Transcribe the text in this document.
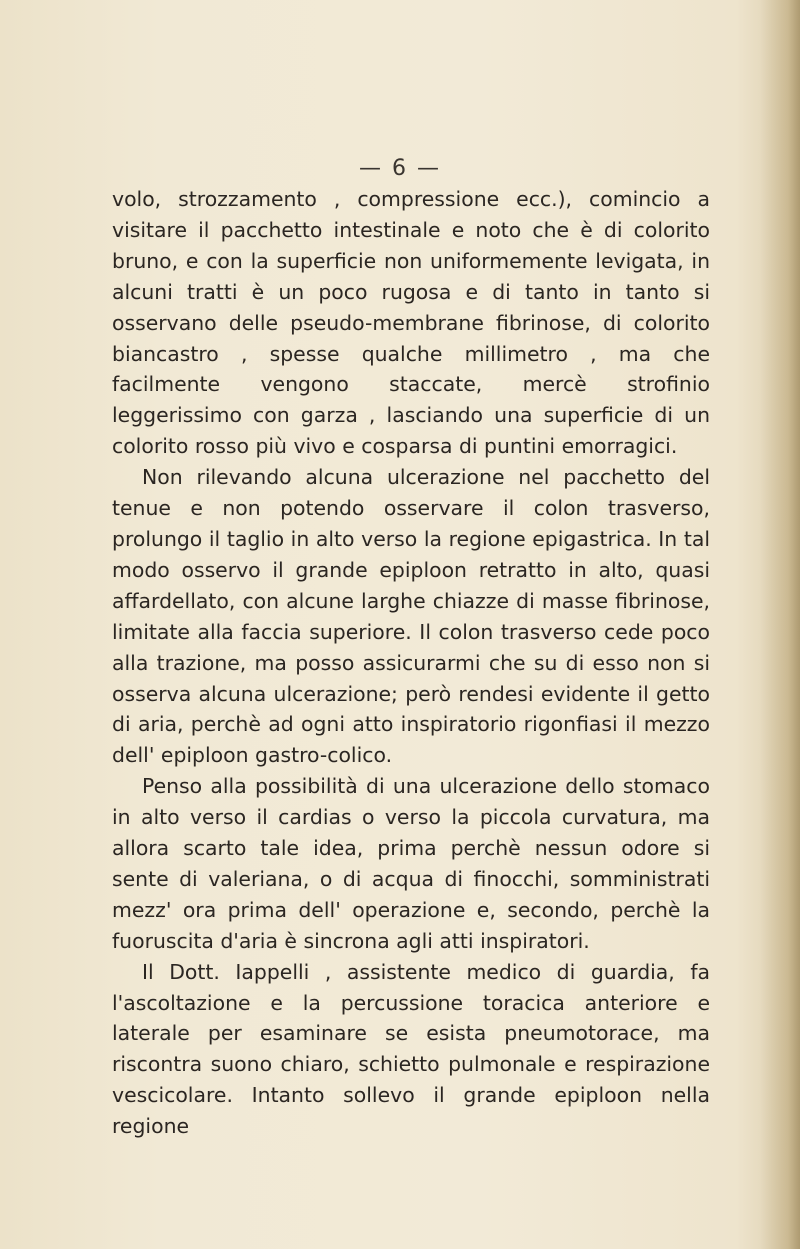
— 6 —

volo, strozzamento , compressione ecc.), comincio a visitare il pacchetto intestinale e noto che è di colorito bruno, e con la superficie non uniformemente levigata, in alcuni tratti è un poco rugosa e di tanto in tanto si osservano delle pseudo-membrane fibrinose, di colorito biancastro , spesse qualche millimetro , ma che facilmente vengono staccate, mercè strofinio leggerissimo con garza , lasciando una superficie di un colorito rosso più vivo e cosparsa di puntini emorragici.

Non rilevando alcuna ulcerazione nel pacchetto del tenue e non potendo osservare il colon trasverso, prolungo il taglio in alto verso la regione epigastrica. In tal modo osservo il grande epiploon retratto in alto, quasi affardellato, con alcune larghe chiazze di masse fibrinose, limitate alla faccia superiore. Il colon trasverso cede poco alla trazione, ma posso assicurarmi che su di esso non si osserva alcuna ulcerazione; però rendesi evidente il getto di aria, perchè ad ogni atto inspiratorio rigonfiasi il mezzo dell' epiploon gastro-colico.

Penso alla possibilità di una ulcerazione dello stomaco in alto verso il cardias o verso la piccola curvatura, ma allora scarto tale idea, prima perchè nessun odore si sente di valeriana, o di acqua di finocchi, somministrati mezz' ora prima dell' operazione e, secondo, perchè la fuoruscita d'aria è sincrona agli atti inspiratori.

Il Dott. Iappelli , assistente medico di guardia, fa l'ascoltazione e la percussione toracica anteriore e laterale per esaminare se esista pneumotorace, ma riscontra suono chiaro, schietto pulmonale e respirazione vescicolare. Intanto sollevo il grande epiploon nella regione
